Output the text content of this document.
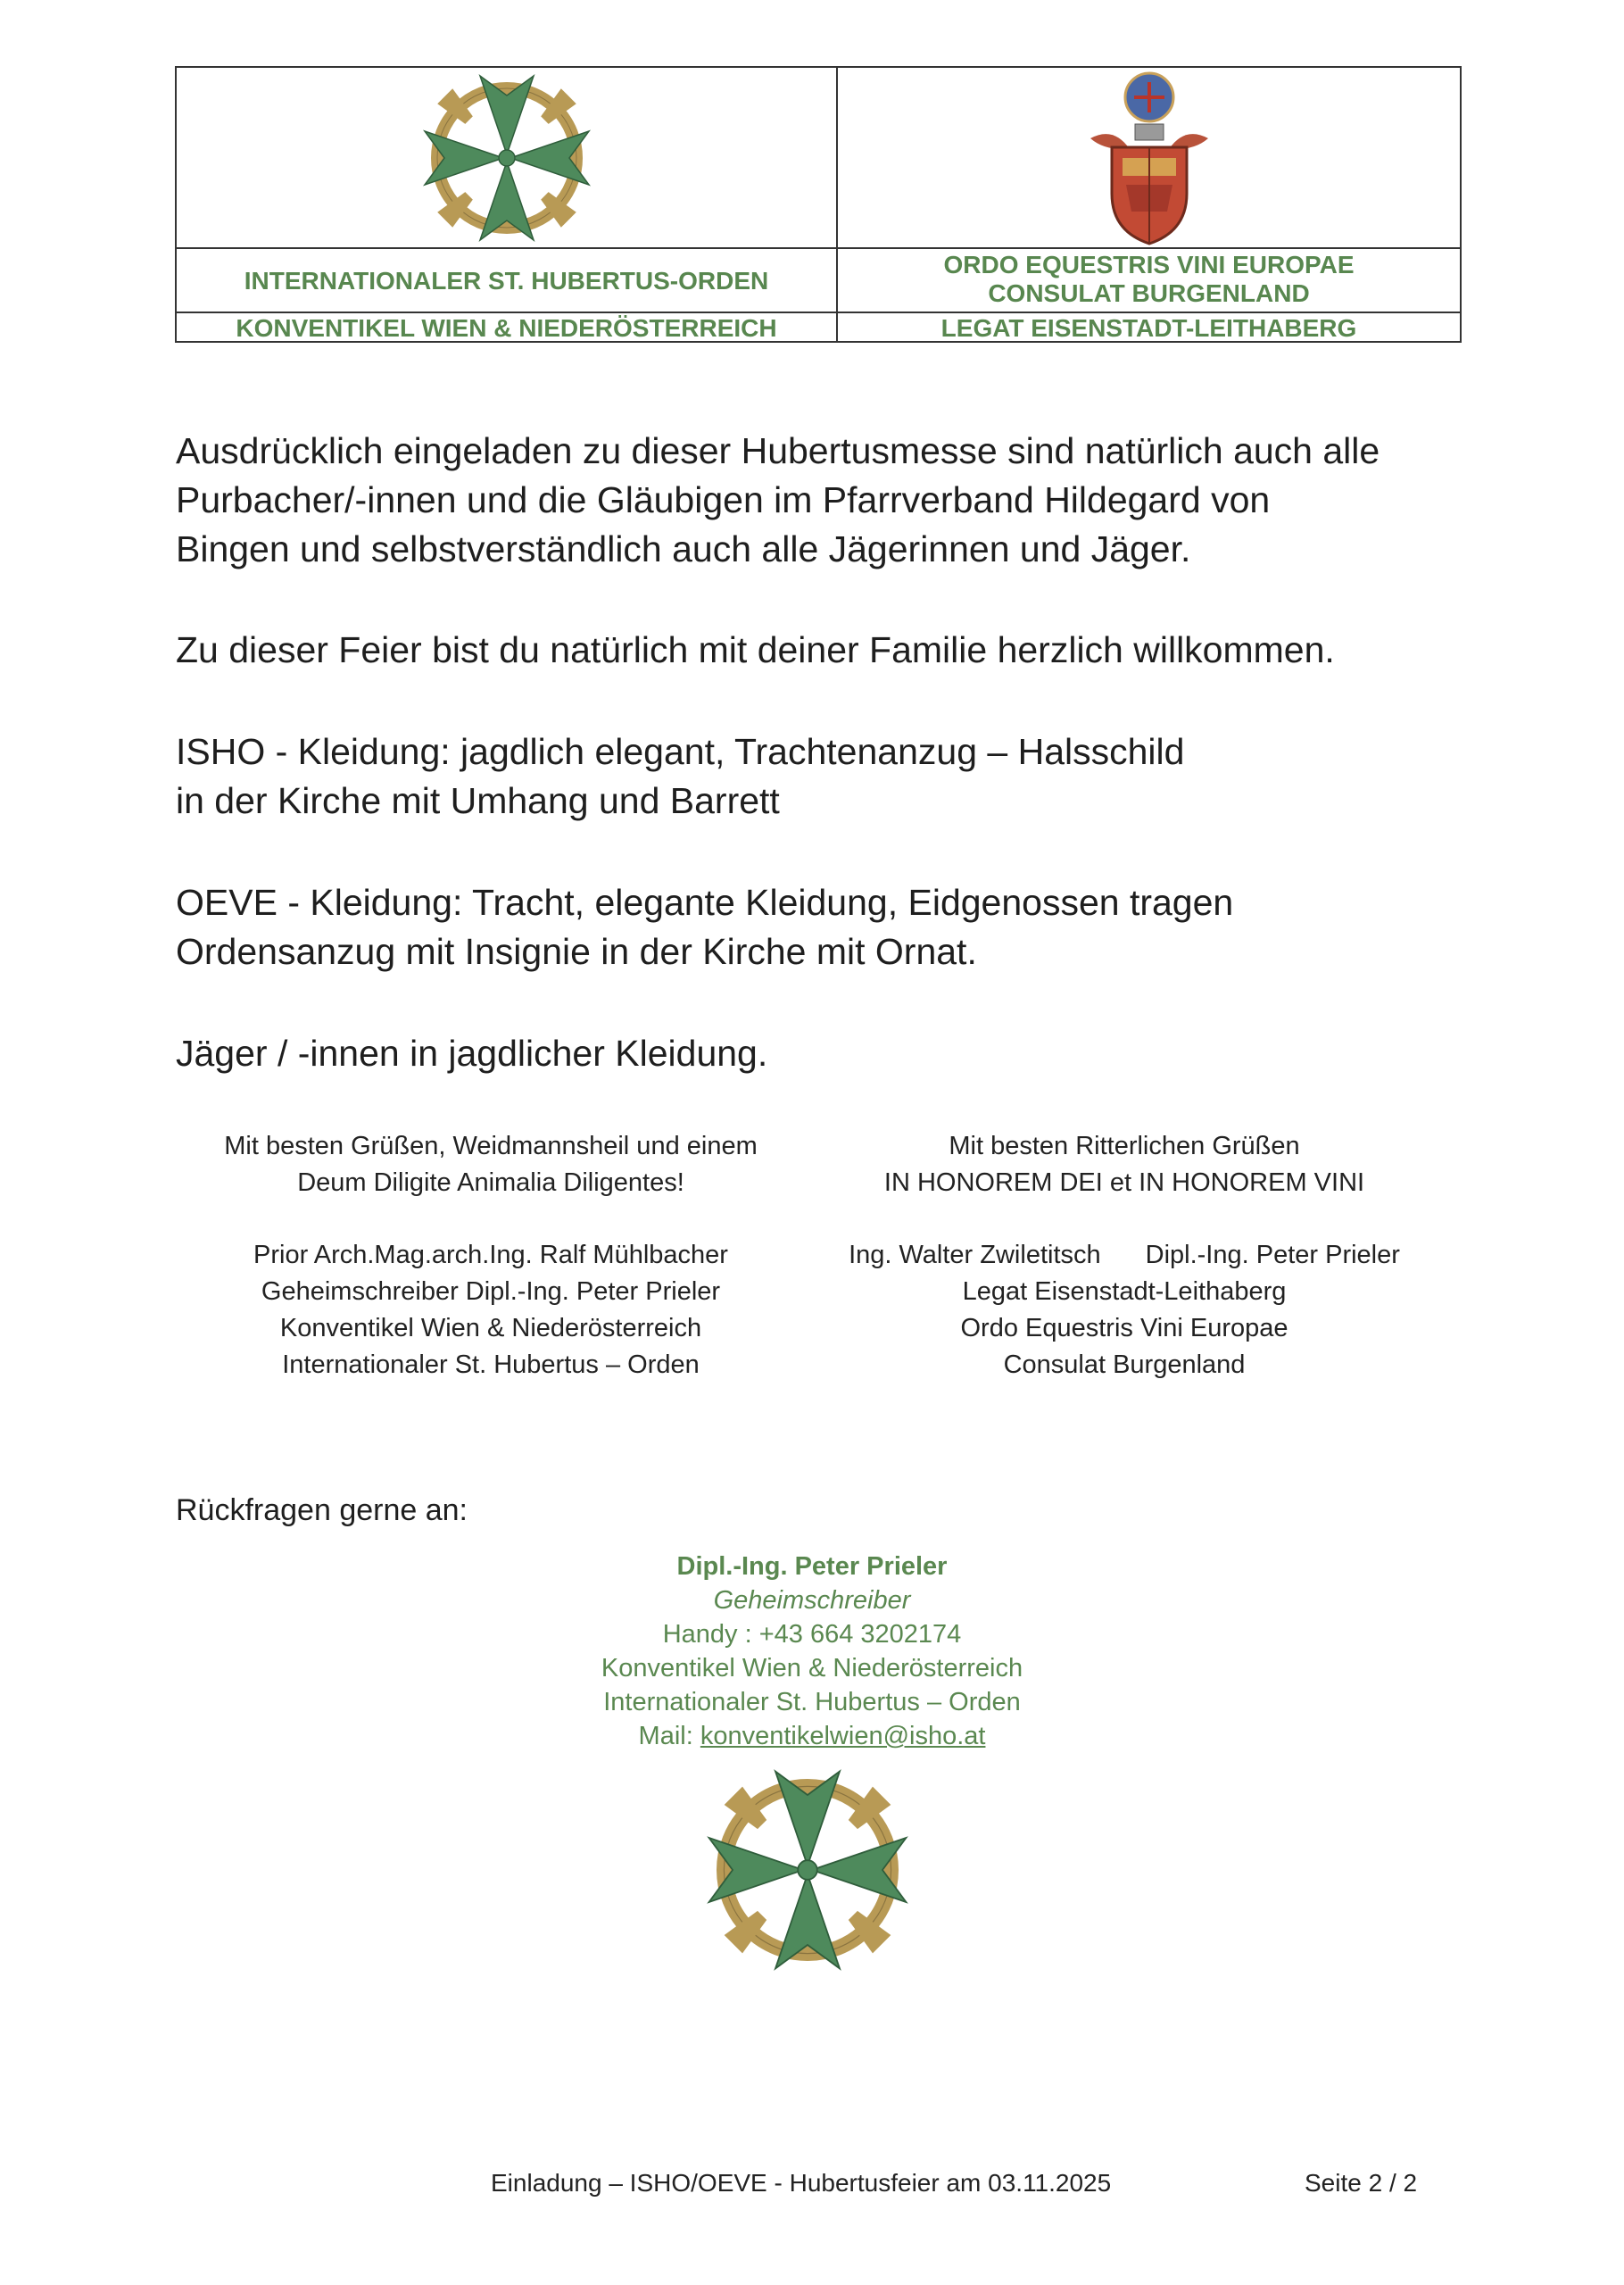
INTERNATIONALER ST. HUBERTUS-ORDEN
ORDO EQUESTRIS VINI EUROPAE
CONSULAT BURGENLAND
KONVENTIKEL WIEN & NIEDERÖSTERREICH	LEGAT EISENSTADT-LEITHABERG

Ausdrücklich eingeladen zu dieser Hubertusmesse sind natürlich auch alle

Purbacher/-innen und die Gläubigen im Pfarrverband Hildegard von

Bingen und selbstverständlich auch alle Jägerinnen und Jäger.

Zu dieser Feier bist du natürlich mit deiner Familie herzlich willkommen.

ISHO - Kleidung: jagdlich elegant, Trachtenanzug – Halsschild

in der Kirche mit Umhang und Barrett

OEVE - Kleidung: Tracht, elegante Kleidung, Eidgenossen tragen

Ordensanzug mit Insignie in der Kirche mit Ornat.

Jäger / -innen in jagdlicher Kleidung.

Mit besten Grüßen, Weidmannsheil und einem

Deum Diligite Animalia Diligentes!

Mit besten Ritterlichen Grüßen

IN HONOREM DEI et IN HONOREM VINI

Prior Arch.Mag.arch.Ing. Ralf Mühlbacher

Geheimschreiber Dipl.-Ing. Peter Prieler

Konventikel Wien & Niederösterreich

Internationaler St. Hubertus – Orden

Ing. Walter Zwiletitsch Dipl.-Ing. Peter Prieler

Legat Eisenstadt-Leithaberg

Ordo Equestris Vini Europae

Consulat Burgenland

Rückfragen gerne an:

Dipl.-Ing. Peter Prieler

Geheimschreiber

Handy : +43 664 3202174

Konventikel Wien & Niederösterreich

Internationaler St. Hubertus – Orden

Mail: konventikelwien@isho.at

Einladung – ISHO/OEVE - Hubertusfeier am 03.11.2025	Seite 2 / 2
